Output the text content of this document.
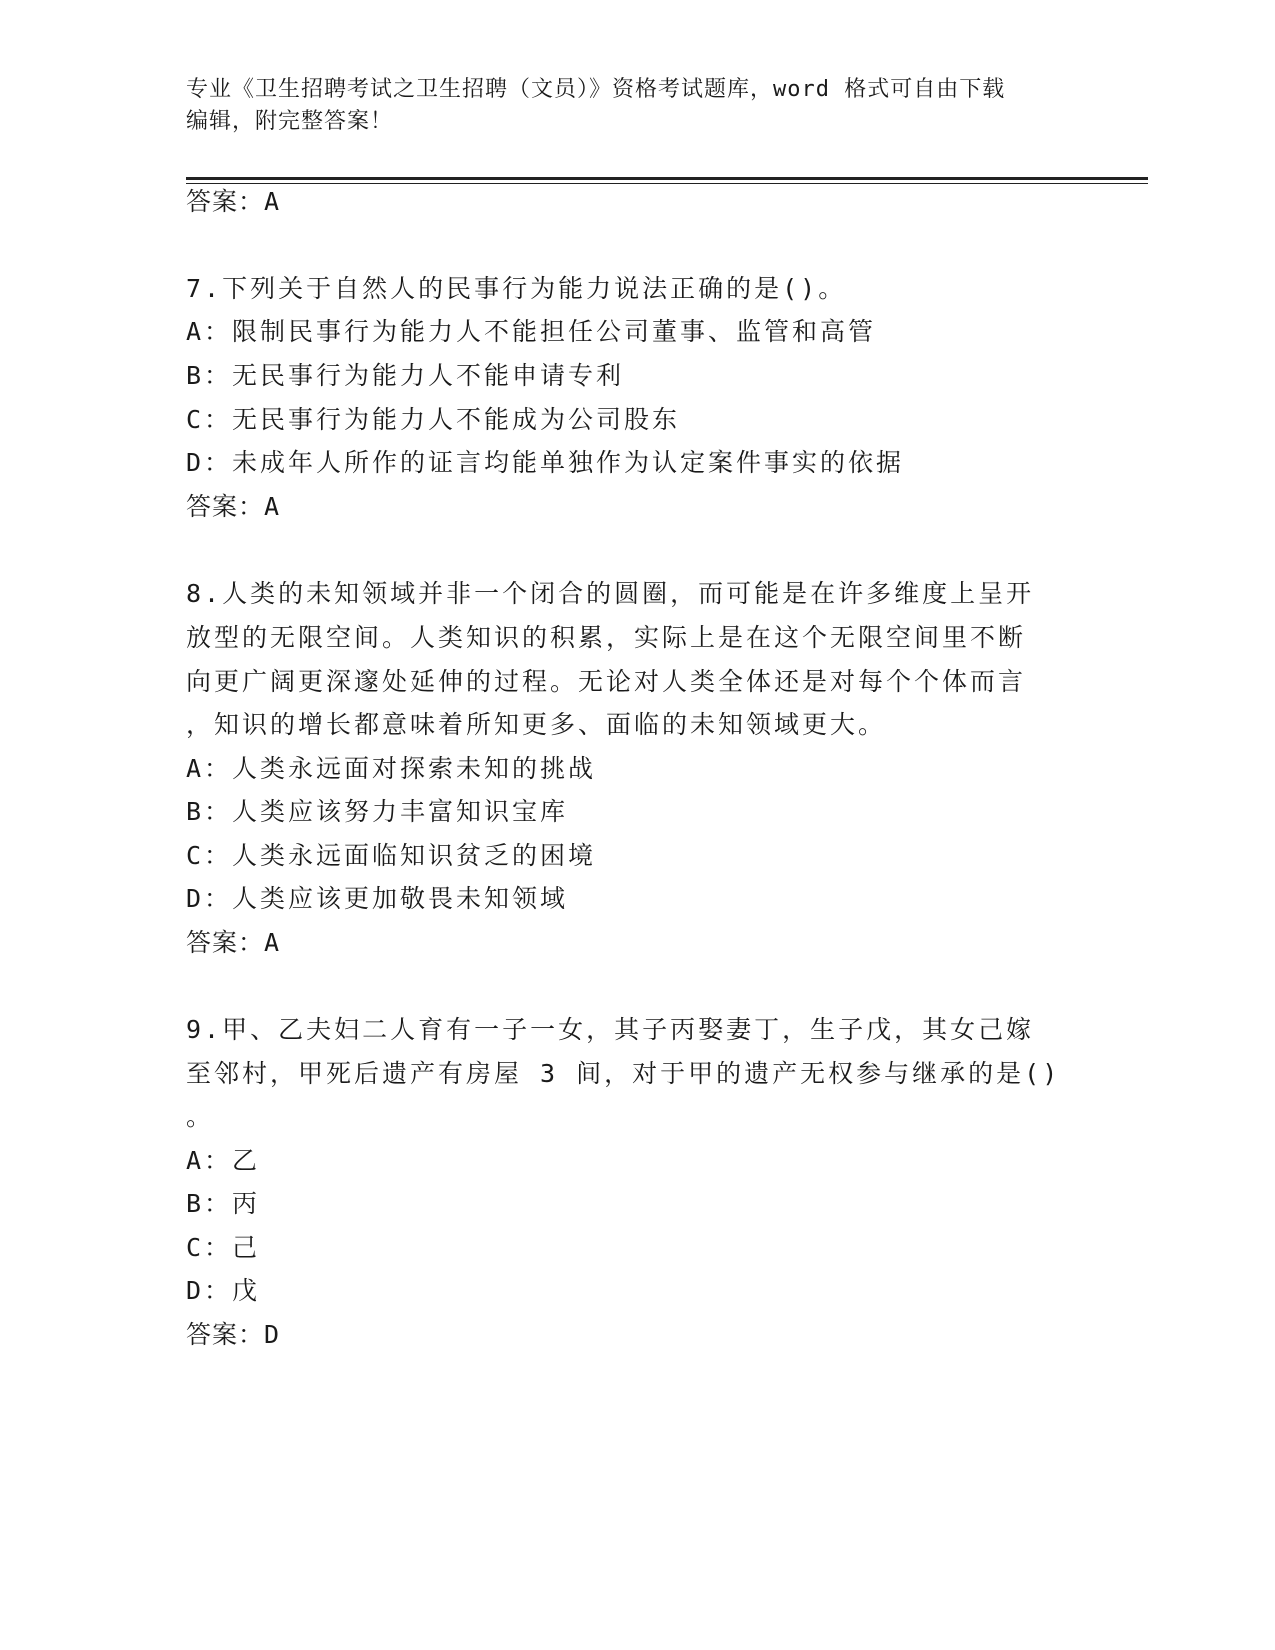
专业《卫生招聘考试之卫生招聘（文员）》资格考试题库，word 格式可自由下载
编辑，附完整答案！
答案：A
7.下列关于自然人的民事行为能力说法正确的是()。
A：限制民事行为能力人不能担任公司董事、监管和高管
B：无民事行为能力人不能申请专利
C：无民事行为能力人不能成为公司股东
D：未成年人所作的证言均能单独作为认定案件事实的依据
答案：A
8.人类的未知领域并非一个闭合的圆圈，而可能是在许多维度上呈开
放型的无限空间。人类知识的积累，实际上是在这个无限空间里不断
向更广阔更深邃处延伸的过程。无论对人类全体还是对每个个体而言
，知识的增长都意味着所知更多、面临的未知领域更大。
A：人类永远面对探索未知的挑战
B：人类应该努力丰富知识宝库
C：人类永远面临知识贫乏的困境
D：人类应该更加敬畏未知领域
答案：A
9.甲、乙夫妇二人育有一子一女，其子丙娶妻丁，生子戊，其女己嫁
至邻村，甲死后遗产有房屋 3 间，对于甲的遗产无权参与继承的是()
。
A：乙
B：丙
C：己
D：戊
答案：D
